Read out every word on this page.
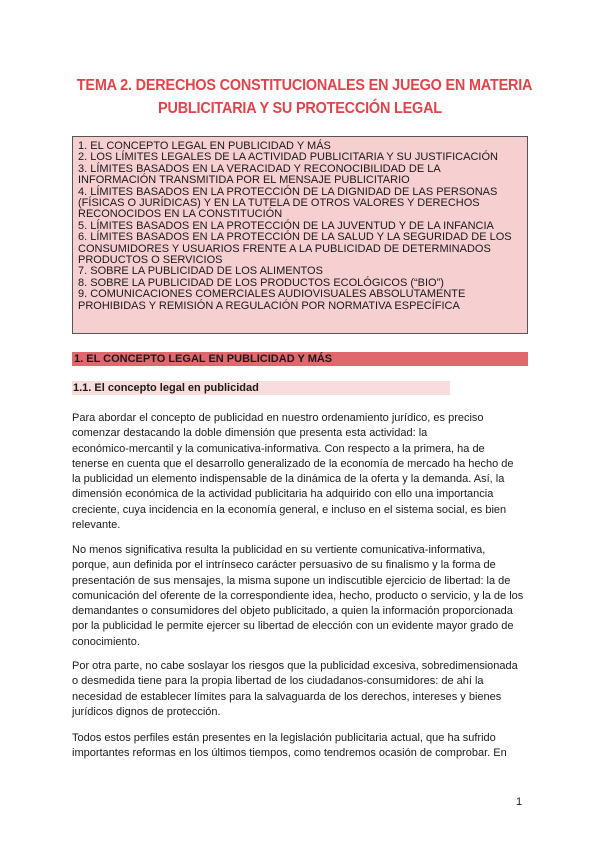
TEMA 2. DERECHOS CONSTITUCIONALES EN JUEGO EN MATERIA
PUBLICITARIA Y SU PROTECCIÓN LEGAL
1. EL CONCEPTO LEGAL EN PUBLICIDAD Y MÁS
2. LOS LÍMITES LEGALES DE LA ACTIVIDAD PUBLICITARIA Y SU JUSTIFICACIÓN
3. LÍMITES BASADOS EN LA VERACIDAD Y RECONOCIBILIDAD DE LA
INFORMACIÓN TRANSMITIDA POR EL MENSAJE PUBLICITARIO
4. LÍMITES BASADOS EN LA PROTECCIÓN DE LA DIGNIDAD DE LAS PERSONAS
(FÍSICAS O JURÍDICAS) Y EN LA TUTELA DE OTROS VALORES Y DERECHOS
RECONOCIDOS EN LA CONSTITUCIÓN
5. LÍMITES BASADOS EN LA PROTECCIÓN DE LA JUVENTUD Y DE LA INFANCIA
6. LÍMITES BASADOS EN LA PROTECCIÓN DE LA SALUD Y LA SEGURIDAD DE LOS
CONSUMIDORES Y USUARIOS FRENTE A LA PUBLICIDAD DE DETERMINADOS
PRODUCTOS O SERVICIOS
7. SOBRE LA PUBLICIDAD DE LOS ALIMENTOS
8. SOBRE LA PUBLICIDAD DE LOS PRODUCTOS ECOLÓGICOS (“BIO”)
9. COMUNICACIONES COMERCIALES AUDIOVISUALES ABSOLUTAMENTE
PROHIBIDAS Y REMISIÓN A REGULACIÓN POR NORMATIVA ESPECÍFICA
1. EL CONCEPTO LEGAL EN PUBLICIDAD Y MÁS
1.1. El concepto legal en publicidad
Para abordar el concepto de publicidad en nuestro ordenamiento jurídico, es preciso
comenzar destacando la doble dimensión que presenta esta actividad: la
económico-mercantil y la comunicativa-informativa. Con respecto a la primera, ha de
tenerse en cuenta que el desarrollo generalizado de la economía de mercado ha hecho de
la publicidad un elemento indispensable de la dinámica de la oferta y la demanda. Así, la
dimensión económica de la actividad publicitaria ha adquirido con ello una importancia
creciente, cuya incidencia en la economía general, e incluso en el sistema social, es bien
relevante.
No menos significativa resulta la publicidad en su vertiente comunicativa-informativa,
porque, aun definida por el intrínseco carácter persuasivo de su finalismo y la forma de
presentación de sus mensajes, la misma supone un indiscutible ejercicio de libertad: la de
comunicación del oferente de la correspondiente idea, hecho, producto o servicio, y la de los
demandantes o consumidores del objeto publicitado, a quien la información proporcionada
por la publicidad le permite ejercer su libertad de elección con un evidente mayor grado de
conocimiento.
Por otra parte, no cabe soslayar los riesgos que la publicidad excesiva, sobredimensionada
o desmedida tiene para la propia libertad de los ciudadanos-consumidores: de ahí la
necesidad de establecer límites para la salvaguarda de los derechos, intereses y bienes
jurídicos dignos de protección.
Todos estos perfiles están presentes en la legislación publicitaria actual, que ha sufrido
importantes reformas en los últimos tiempos, como tendremos ocasión de comprobar. En
1
